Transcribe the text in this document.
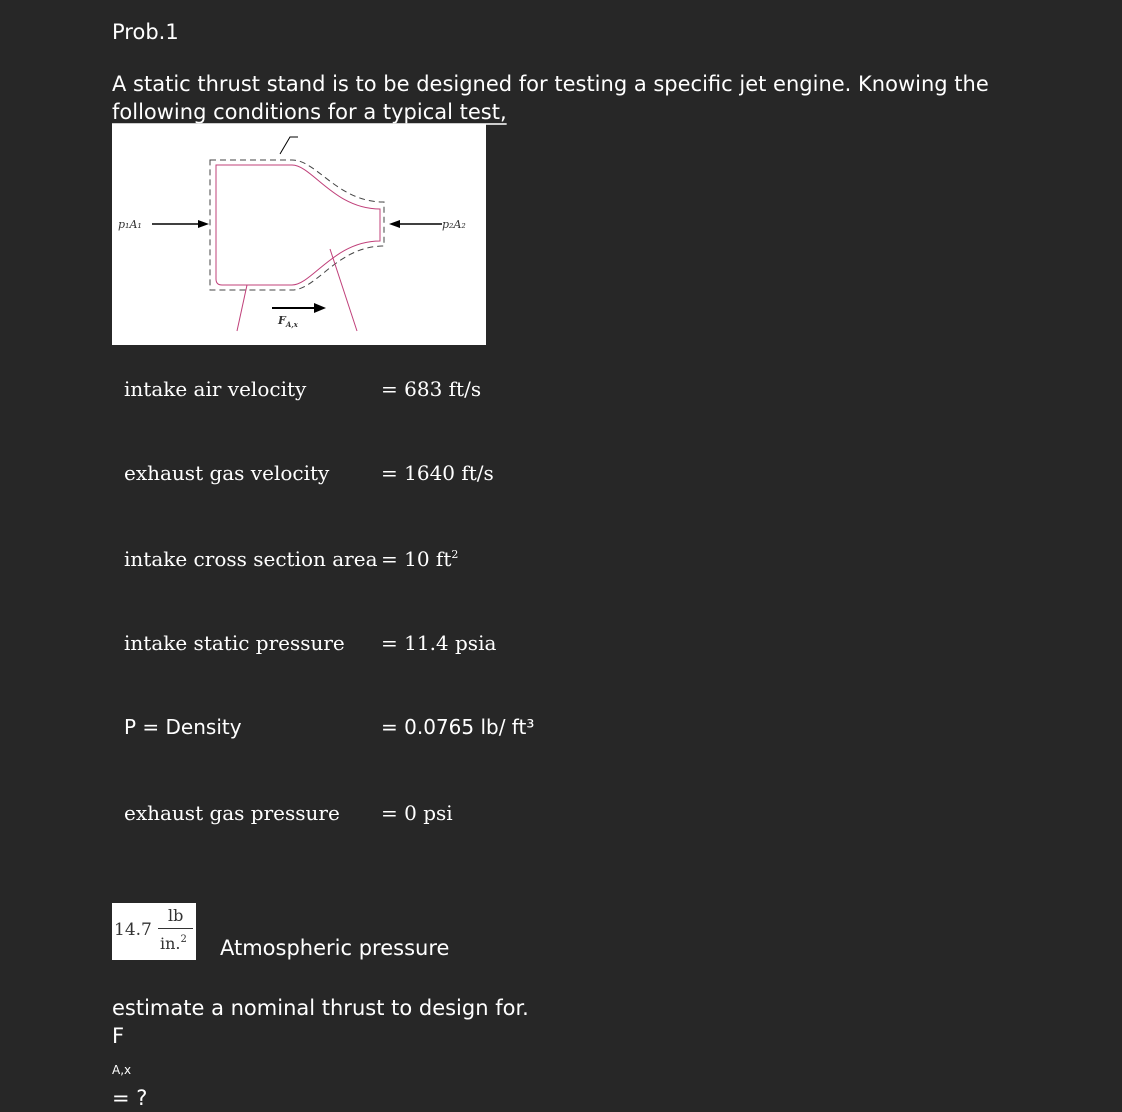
Prob.1
A static thrust stand is to be designed for testing a specific jet engine. Knowing the
following conditions for a typical test,
Control volume
p₁A₁	p₂A₂
$F_{A,x}$
intake air velocity	= 683 ft/s
exhaust gas velocity	= 1640 ft/s
intake cross section area = 10 $ft^2$
intake static pressure = 11.4 psia
P = Density	= 0.0765 lb/ ft³
exhaust gas pressure = 0 psi
14.7
lb
in.$^2$ Atmospheric pressure
estimate a nominal thrust to design for.
F
$_{A,x}$
= ?
